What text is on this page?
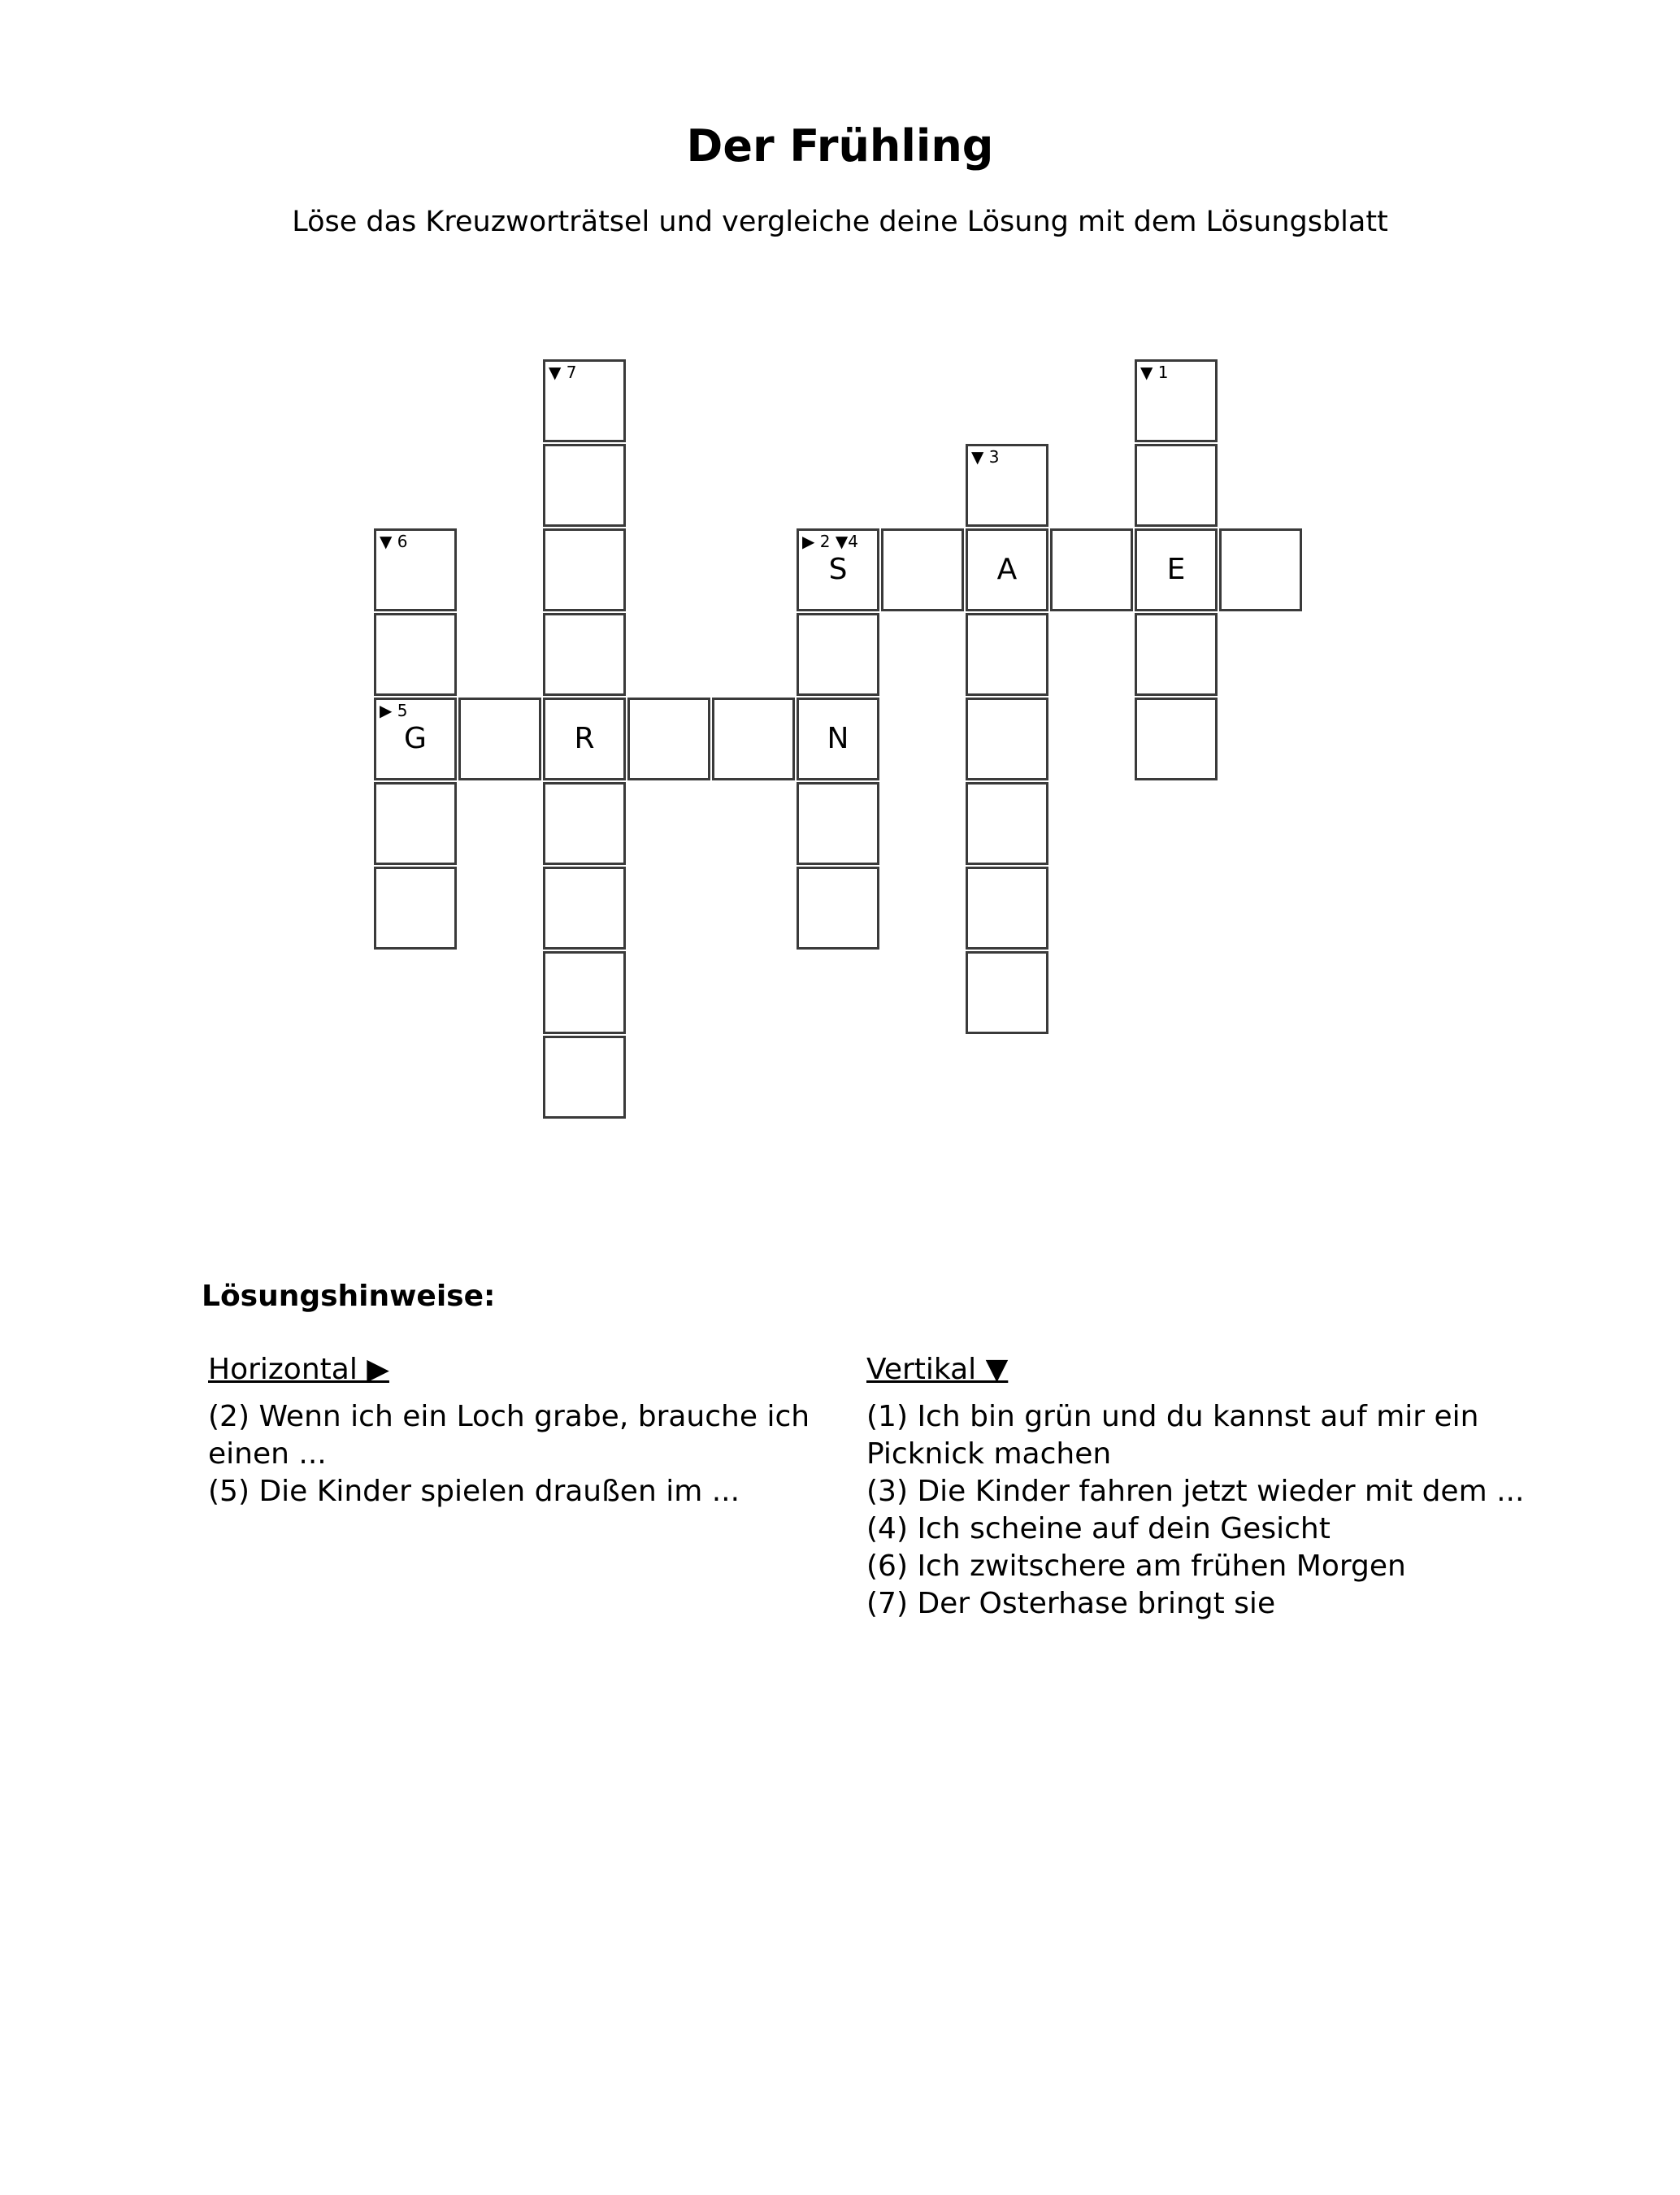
Der Frühling

Löse das Kreuzworträtsel und vergleiche deine Lösung mit dem Lösungsblatt

▼ 7
R
▼ 1
E
▼ 3
A
▼ 6
▶ 5
G
▶ 2 ▼4
S
N
Lösungshinweise:
Horizontal ▶
(2) Wenn ich ein Loch grabe, brauche ich einen ...
(5) Die Kinder spielen draußen im ...
Vertikal ▼
(1) Ich bin grün und du kannst auf mir ein Picknick machen
(3) Die Kinder fahren jetzt wieder mit dem ...
(4) Ich scheine auf dein Gesicht
(6) Ich zwitschere am frühen Morgen
(7) Der Osterhase bringt sie
